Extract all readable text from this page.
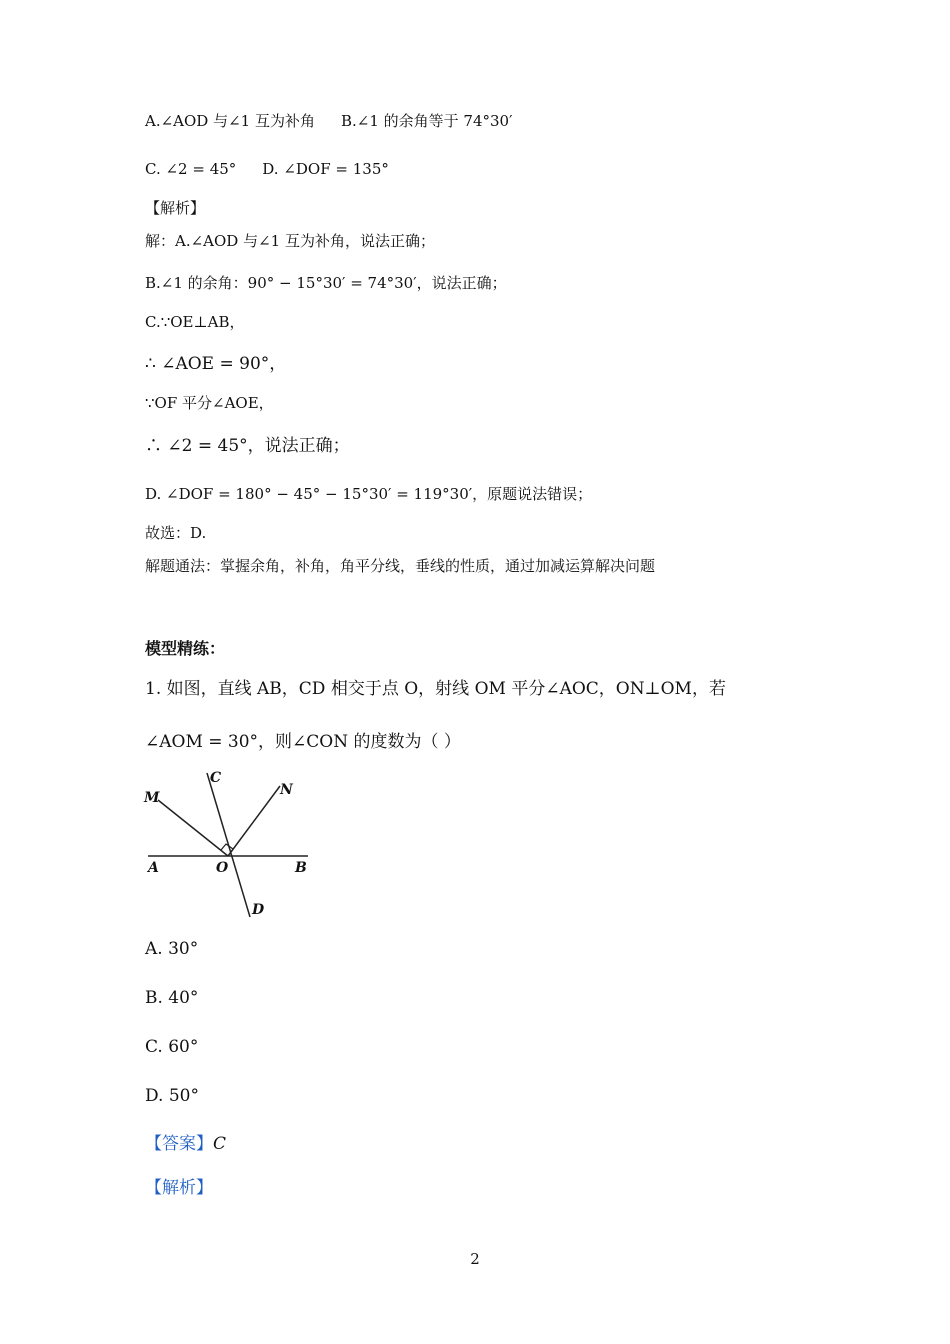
A.∠AOD 与∠1 互为补角 B.∠1 的余角等于 74°30′
C. ∠2 = 45° D. ∠DOF = 135°
【解析】
解：A.∠AOD 与∠1 互为补角，说法正确；
B.∠1 的余角：90° − 15°30′ = 74°30′，说法正确；
C.∵OE⊥AB，
∴ ∠AOE = 90°，
∵OF 平分∠AOE，
∴ ∠2 = 45°，说法正确；
D. ∠DOF = 180° − 45° − 15°30′ = 119°30′，原题说法错误；
故选：D.
解题通法：掌握余角，补角，角平分线，垂线的性质，通过加减运算解决问题
模型精练：
1. 如图，直线 AB，CD 相交于点 O，射线 OM 平分∠AOC，ON⊥OM，若
∠AOM = 30°，则∠CON 的度数为（ ）
M
C
N
A	O	B
D
A. 30°
B. 40°
C. 60°
D. 50°
【答案】C
【解析】
2
